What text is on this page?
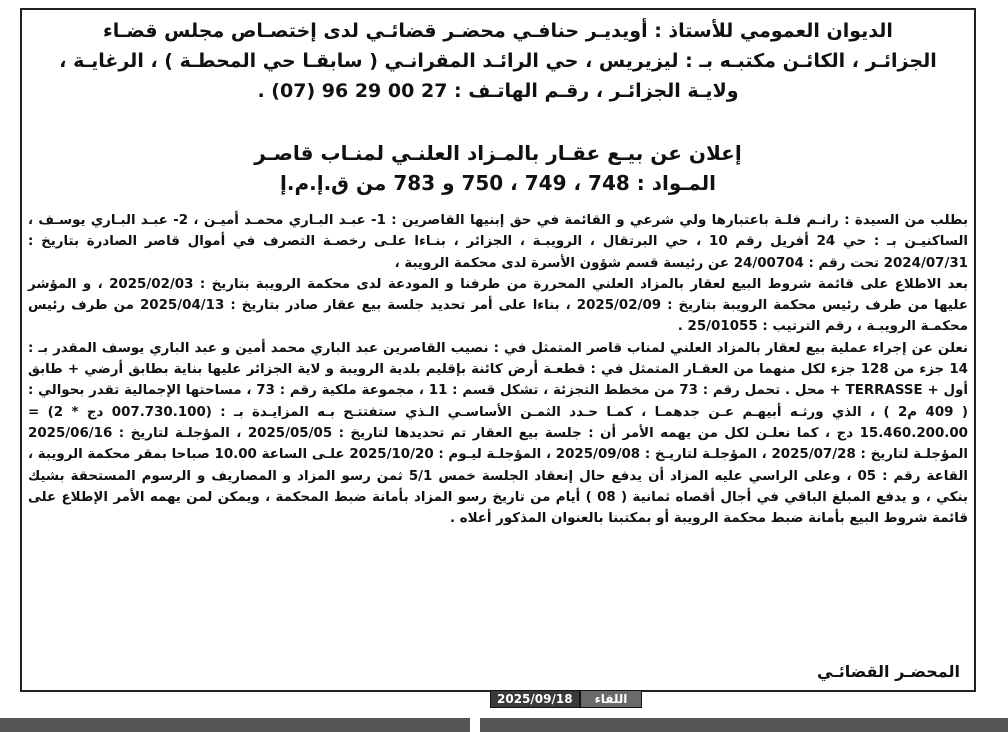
الديوان العمومي للأستاذ : أويديـر حنافـي محضـر قضائـي لدى إختصـاص مجلس قضـاء
الجزائـر ، الكائـن مكتبـه بـ : ليزيريس ، حي الرائـد المقرانـي ( سابقـا حي المحطـة ) ، الرغايـة ،
ولايـة الجزائـر ، رقـم الهاتـف : 27 00 29 96 (07) .
إعلان عن بيـع عقـار بالمـزاد العلنـي لمنـاب قاصـر
المـواد : 748 ، 749 ، 750 و 783 من ق.إ.م.إ

بطلب من السيدة : رانـم فلـة باعتبارها ولي شرعي و القائمة في حق إبنيها القاصرين : 1- عبـد البـاري محمـد أميـن ، 2- عبـد البـاري يوسـف ، الساكنيـن بـ : حي 24 أفريل رقم 10 ، حي البرتقال ، الرويبـة ، الجزائر ، بنـاءا علـى رخصـة التصرف في أموال قاصر الصادرة بتاريخ : 2024/07/31 تحت رقم : 24/00704 عن رئيسة قسم شؤون الأسرة لدى محكمة الرويبة ،

بعد الاطلاع على قائمة شروط البيع لعقار بالمزاد العلني المحررة من طرفنا و المودعة لدى محكمة الرويبة بتاريخ : 2025/02/03 ، و المؤشر عليها من طرف رئيس محكمة الرويبة بتاريخ : 2025/02/09 ، بناءا على أمر تحديد جلسة بيع عقار صادر بتاريخ : 2025/04/13 من طرف رئيس محكمـة الرويبـة ، رقم الترتيب : 25/01055 .

نعلن عن إجراء عملية بيع لعقار بالمزاد العلني لمناب قاصر المتمثل في : نصيب القاصرين عبد الباري محمد أمين و عبد الباري يوسف المقدر بـ : 14 جزء من 128 جزء لكل منهما من العقـار المتمثل في : قطعـة أرض كائنة بإقليم بلدية الرويبة و لاية الجزائر عليها بناية بطابق أرضي + طابق أول + TERRASSE + محل . تحمل رقم : 73 من مخطط التجزئة ، تشكل قسم : 11 ، مجموعة ملكية رقم : 73 ، مساحتها الإجمالية تقدر بحوالي : ( 409 م2 ) ، الذي ورثـه أبيهـم عـن جدهمـا ، كمـا حـدد الثمـن الأساسـي الـذي ستفتتـح بـه المزايـدة بـ : (007.730.100 دج * 2) = 15.460.200.00 دج ، كما نعلـن لكل من يهمه الأمر أن : جلسة بيع العقار تم تحديدها لتاريخ : 2025/05/05 ، المؤجلـة لتاريخ : 2025/06/16 المؤجلـة لتاريخ : 2025/07/28 ، المؤجلـة لتاريـخ : 2025/09/08 ، المؤجلـة ليـوم : 2025/10/20 علـى الساعة 10.00 صباحا بمقر محكمة الرويبة ، القاعة رقم : 05 ، وعلى الراسي عليه المزاد أن يدفع حال إنعقاد الجلسة خمس 5/1 ثمن رسو المزاد و المصاريف و الرسوم المستحقة بشيك بنكي ، و يدفع المبلغ الباقي في أجال أقصاه ثمانية ( 08 ) أيام من تاريخ رسو المزاد بأمانة ضبط المحكمة ، ويمكن لمن يهمه الأمر الإطلاع على قائمة شروط البيع بأمانة ضبط محكمة الرويبة أو بمكتبنا بالعنوان المذكور أعلاه .

المحضـر القضائـي
2025/09/18	اللقاء
